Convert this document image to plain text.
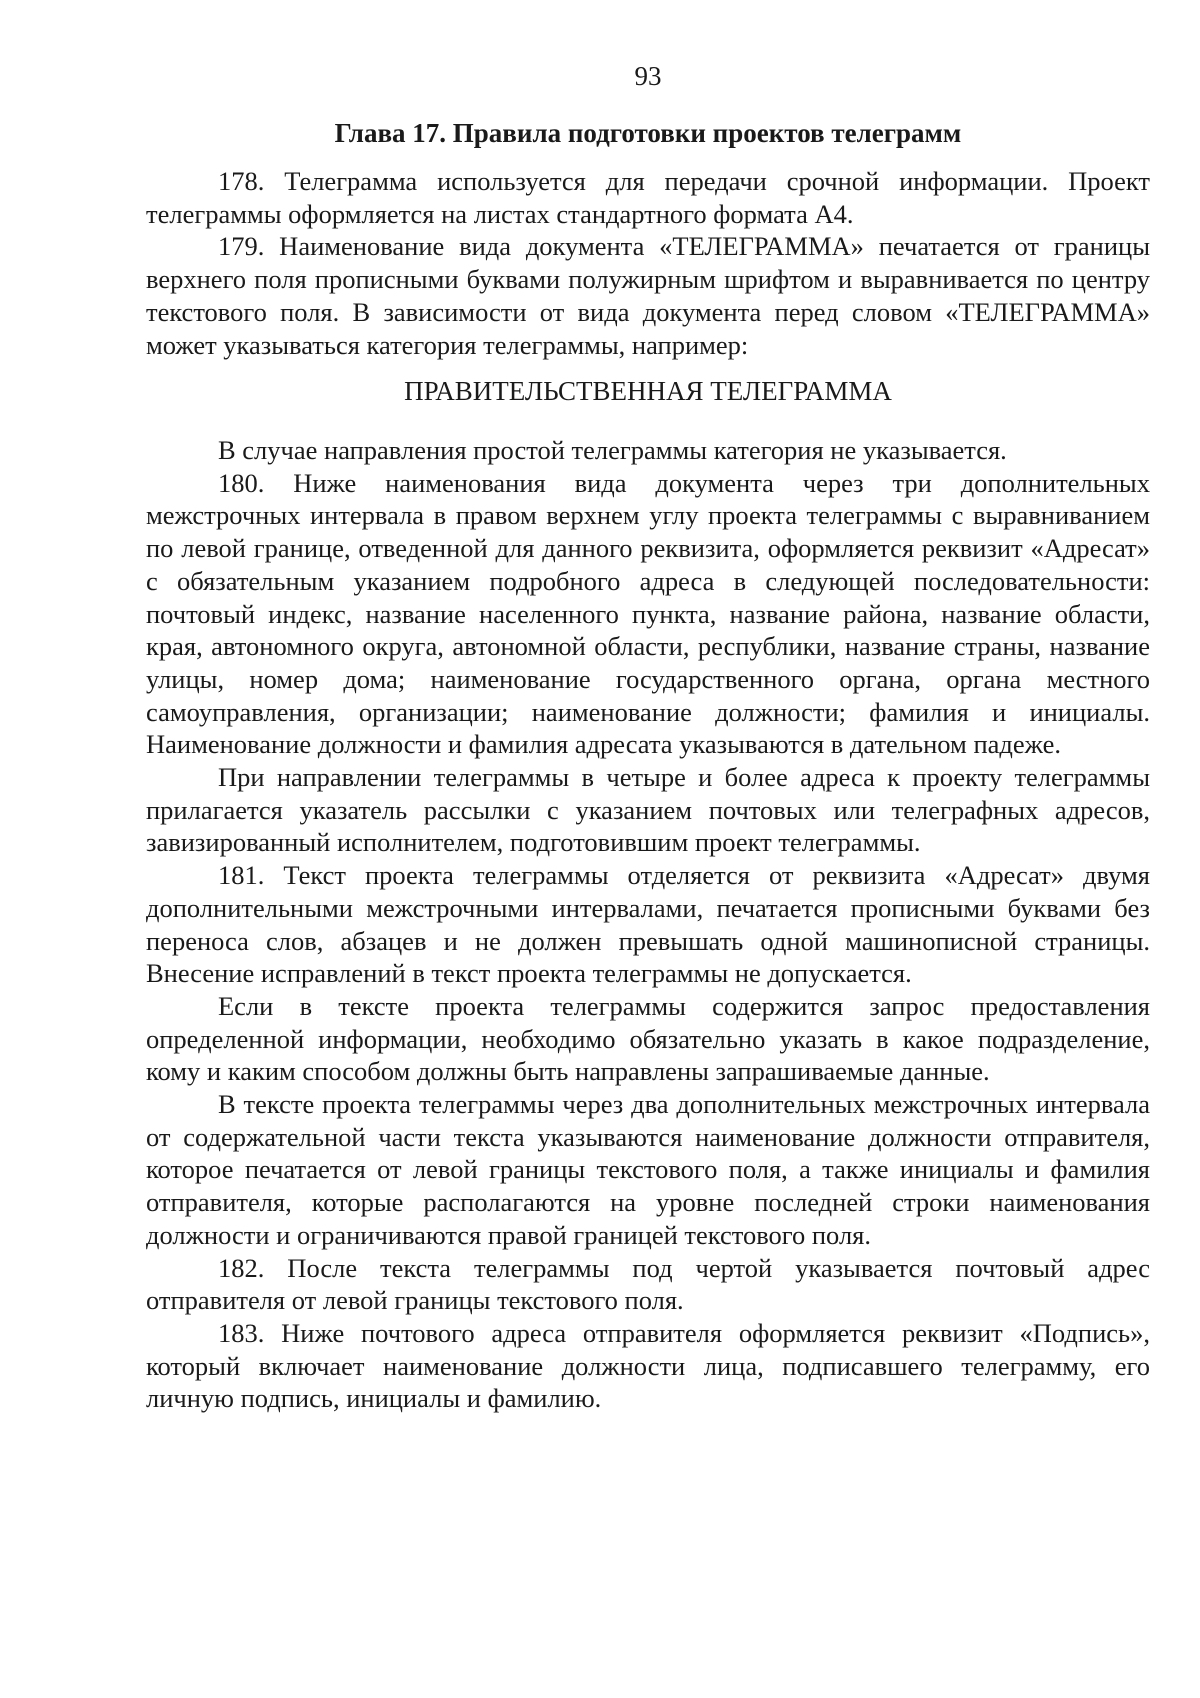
93
Глава 17. Правила подготовки проектов телеграмм

178. Телеграмма используется для передачи срочной информации. Проект телеграммы оформляется на листах стандартного формата А4.

179. Наименование вида документа «ТЕЛЕГРАММА» печатается от границы верхнего поля прописными буквами полужирным шрифтом и выравнивается по центру текстового поля. В зависимости от вида документа перед словом «ТЕЛЕГРАММА» может указываться категория телеграммы, например:

ПРАВИТЕЛЬСТВЕННАЯ ТЕЛЕГРАММА

В случае направления простой телеграммы категория не указывается.

180. Ниже наименования вида документа через три дополнительных межстрочных интервала в правом верхнем углу проекта телеграммы с выравниванием по левой границе, отведенной для данного реквизита, оформляется реквизит «Адресат» с обязательным указанием подробного адреса в следующей последовательности: почтовый индекс, название населенного пункта, название района, название области, края, автономного округа, автономной области, республики, название страны, название улицы, номер дома; наименование государственного органа, органа местного самоуправления, организации; наименование должности; фамилия и инициалы. Наименование должности и фамилия адресата указываются в дательном падеже.

При направлении телеграммы в четыре и более адреса к проекту телеграммы прилагается указатель рассылки с указанием почтовых или телеграфных адресов, завизированный исполнителем, подготовившим проект телеграммы.

181. Текст проекта телеграммы отделяется от реквизита «Адресат» двумя дополнительными межстрочными интервалами, печатается прописными буквами без переноса слов, абзацев и не должен превышать одной машинописной страницы. Внесение исправлений в текст проекта телеграммы не допускается.

Если в тексте проекта телеграммы содержится запрос предоставления определенной информации, необходимо обязательно указать в какое подразделение, кому и каким способом должны быть направлены запрашиваемые данные.

В тексте проекта телеграммы через два дополнительных межстрочных интервала от содержательной части текста указываются наименование должности отправителя, которое печатается от левой границы текстового поля, а также инициалы и фамилия отправителя, которые располагаются на уровне последней строки наименования должности и ограничиваются правой границей текстового поля.

182. После текста телеграммы под чертой указывается почтовый адрес отправителя от левой границы текстового поля.

183. Ниже почтового адреса отправителя оформляется реквизит «Подпись», который включает наименование должности лица, подписавшего телеграмму, его личную подпись, инициалы и фамилию.
